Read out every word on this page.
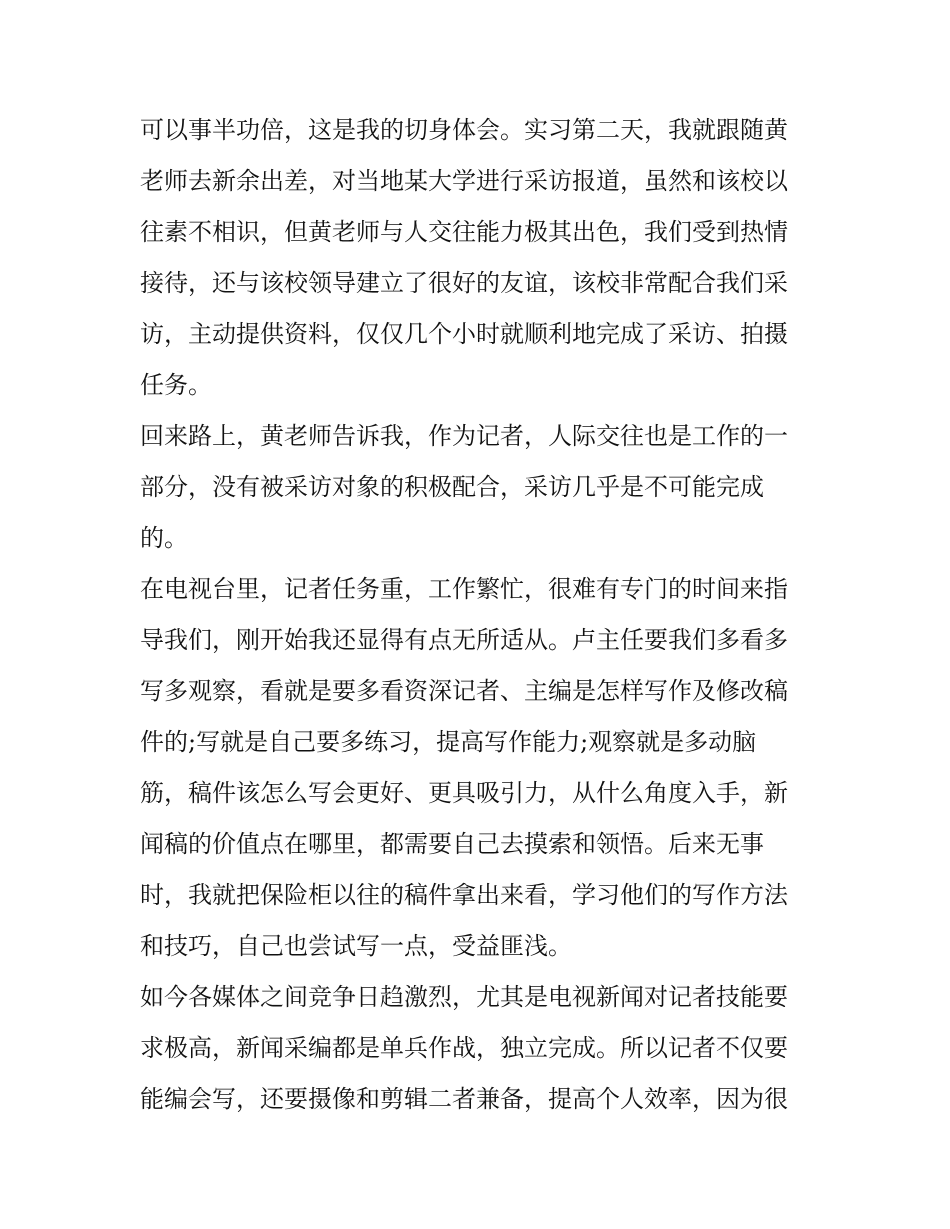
可以事半功倍，这是我的切身体会。实习第二天，我就跟随黄
老师去新余出差，对当地某大学进行采访报道，虽然和该校以
往素不相识，但黄老师与人交往能力极其出色，我们受到热情
接待，还与该校领导建立了很好的友谊，该校非常配合我们采
访，主动提供资料，仅仅几个小时就顺利地完成了采访、拍摄
任务。
回来路上，黄老师告诉我，作为记者，人际交往也是工作的一
部分，没有被采访对象的积极配合，采访几乎是不可能完成
的。
在电视台里，记者任务重，工作繁忙，很难有专门的时间来指
导我们，刚开始我还显得有点无所适从。卢主任要我们多看多
写多观察，看就是要多看资深记者、主编是怎样写作及修改稿
件的;写就是自己要多练习，提高写作能力;观察就是多动脑
筋，稿件该怎么写会更好、更具吸引力，从什么角度入手，新
闻稿的价值点在哪里，都需要自己去摸索和领悟。后来无事
时，我就把保险柜以往的稿件拿出来看，学习他们的写作方法
和技巧，自己也尝试写一点，受益匪浅。
如今各媒体之间竞争日趋激烈，尤其是电视新闻对记者技能要
求极高，新闻采编都是单兵作战，独立完成。所以记者不仅要
能编会写，还要摄像和剪辑二者兼备，提高个人效率，因为很
